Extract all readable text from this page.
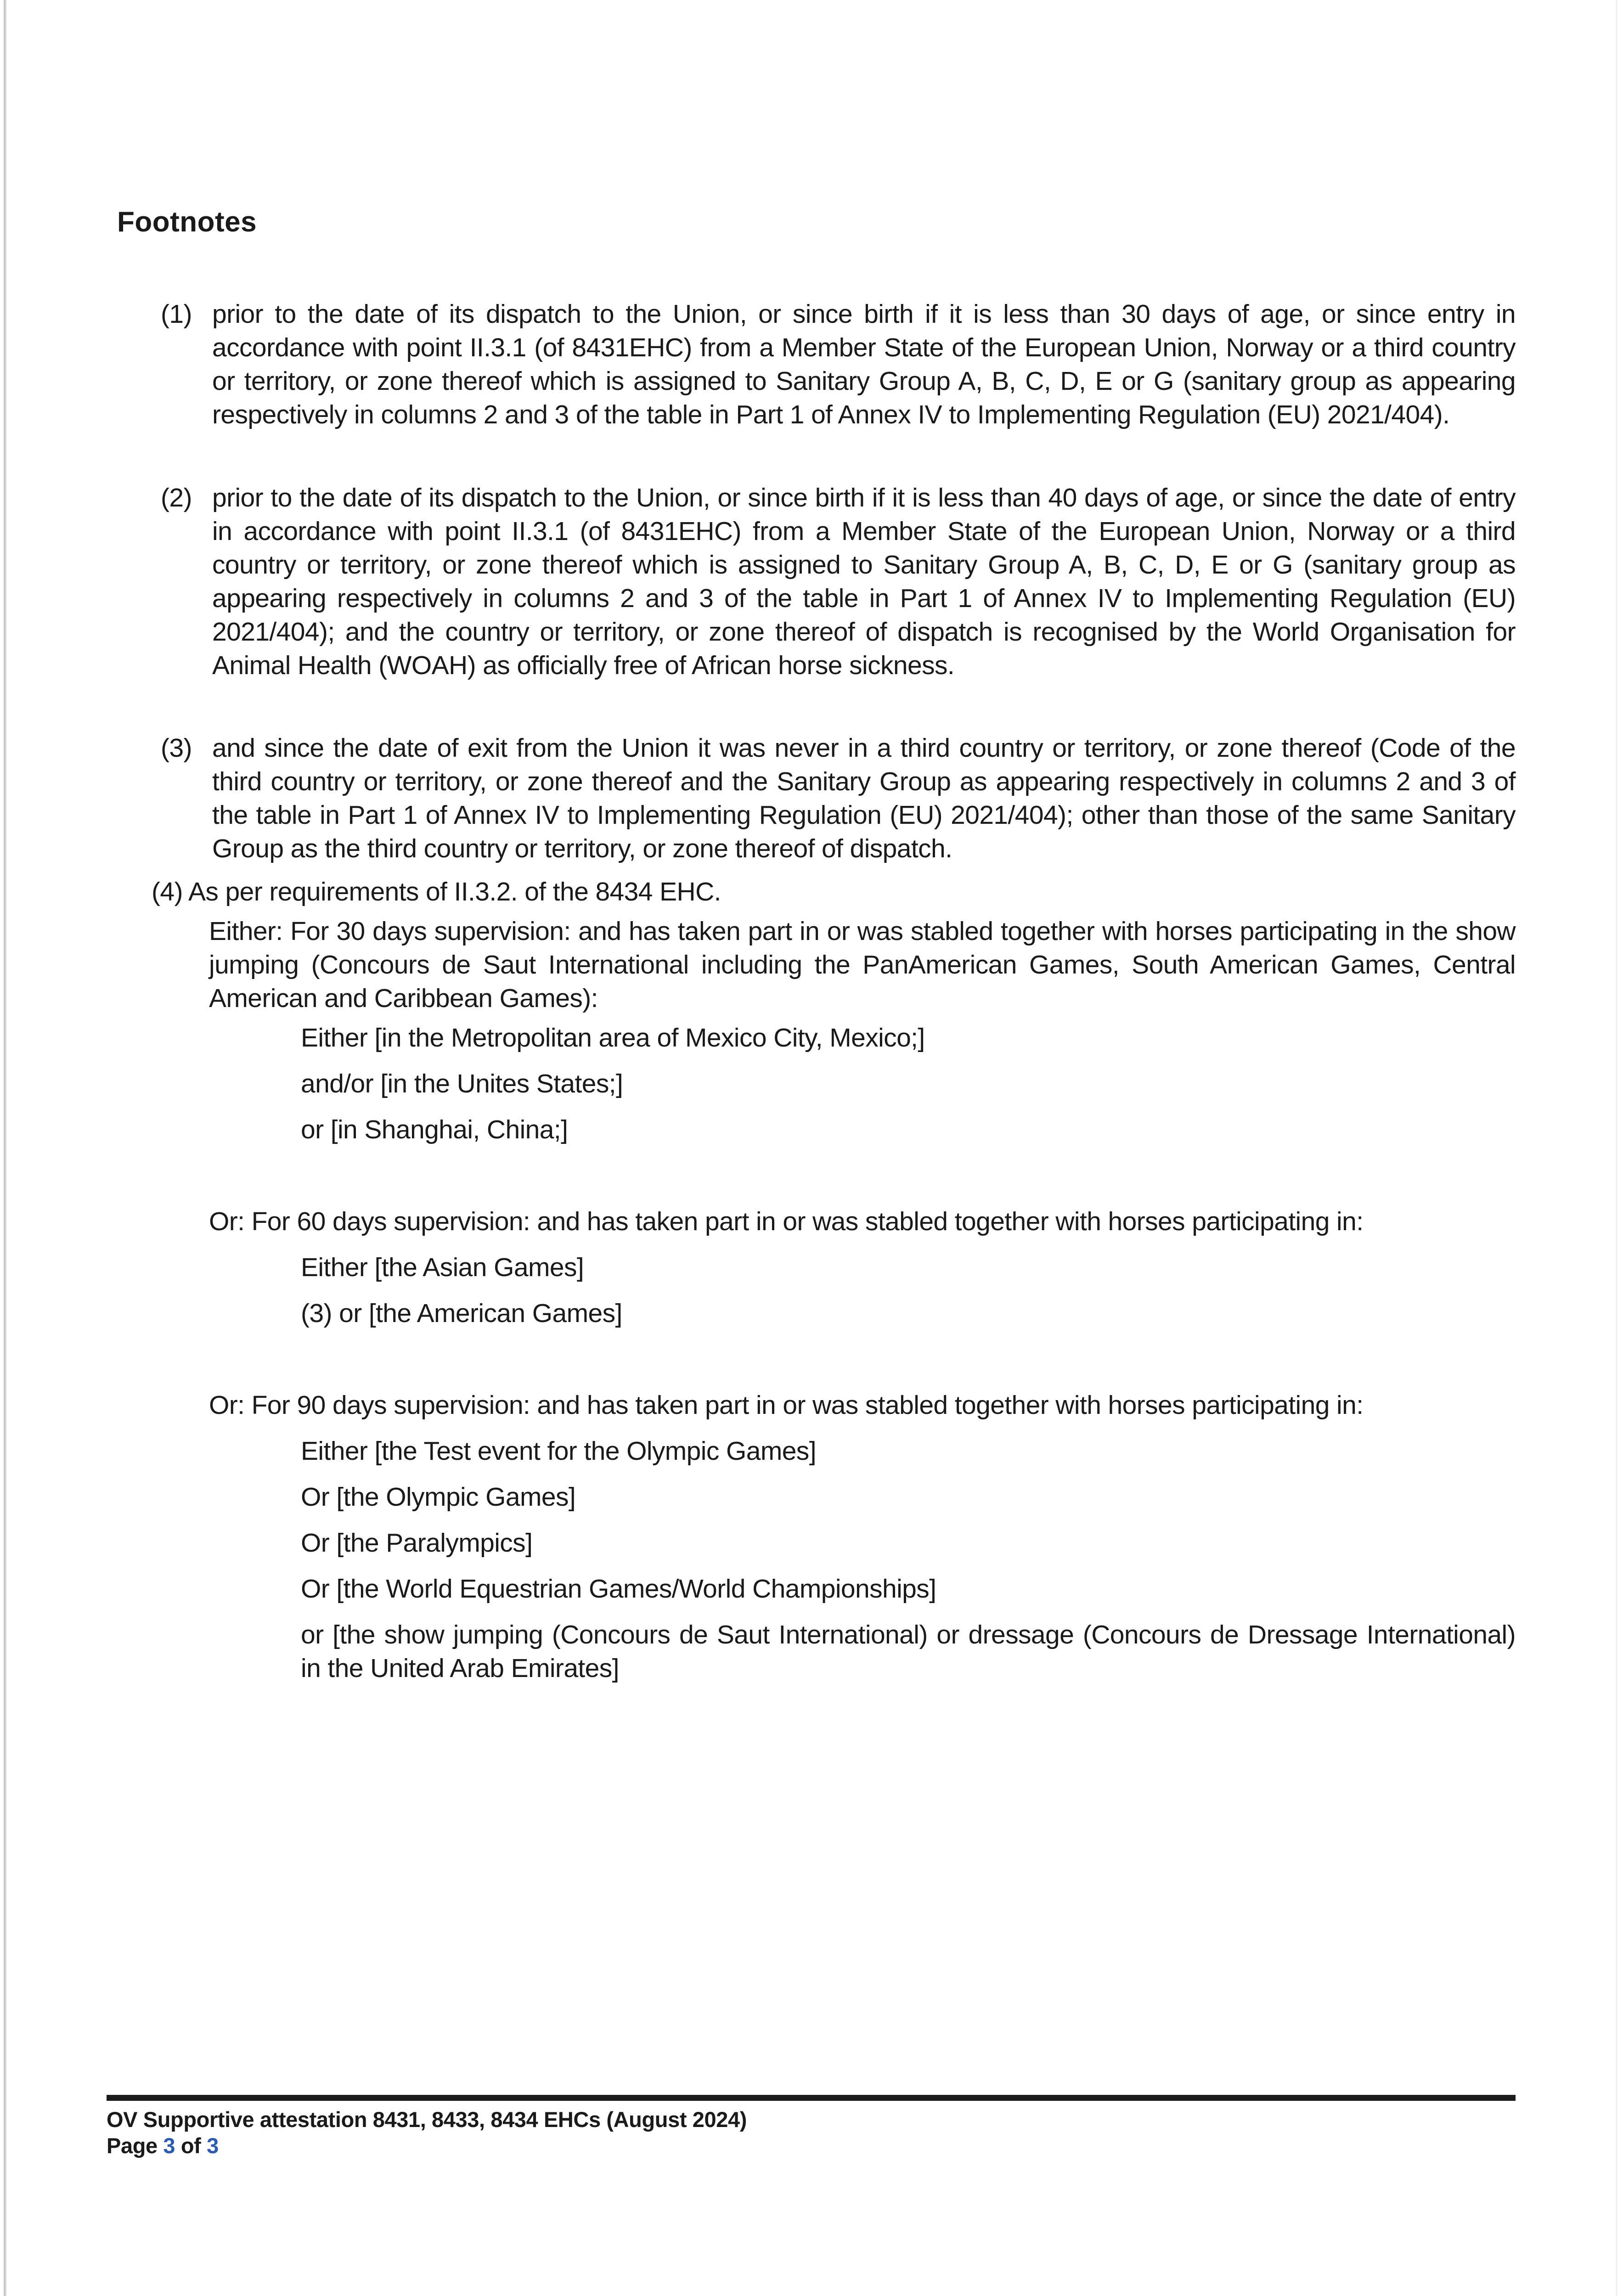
Footnotes
(1) prior to the date of its dispatch to the Union, or since birth if it is less than 30 days of age, or since entry in accordance with point II.3.1 (of 8431EHC) from a Member State of the European Union, Norway or a third country or territory, or zone thereof which is assigned to Sanitary Group A, B, C, D, E or G (sanitary group as appearing respectively in columns 2 and 3 of the table in Part 1 of Annex IV to Implementing Regulation (EU) 2021/404).
(2) prior to the date of its dispatch to the Union, or since birth if it is less than 40 days of age, or since the date of entry in accordance with point II.3.1 (of 8431EHC) from a Member State of the European Union, Norway or a third country or territory, or zone thereof which is assigned to Sanitary Group A, B, C, D, E or G (sanitary group as appearing respectively in columns 2 and 3 of the table in Part 1 of Annex IV to Implementing Regulation (EU) 2021/404); and the country or territory, or zone thereof of dispatch is recognised by the World Organisation for Animal Health (WOAH) as officially free of African horse sickness.
(3) and since the date of exit from the Union it was never in a third country or territory, or zone thereof (Code of the third country or territory, or zone thereof and the Sanitary Group as appearing respectively in columns 2 and 3 of the table in Part 1 of Annex IV to Implementing Regulation (EU) 2021/404); other than those of the same Sanitary Group as the third country or territory, or zone thereof of dispatch.
(4) As per requirements of II.3.2. of the 8434 EHC.
Either: For 30 days supervision: and has taken part in or was stabled together with horses participating in the show jumping (Concours de Saut International including the PanAmerican Games, South American Games, Central American and Caribbean Games):
Either [in the Metropolitan area of Mexico City, Mexico;]
and/or [in the Unites States;]
or [in Shanghai, China;]
Or: For 60 days supervision: and has taken part in or was stabled together with horses participating in:
Either [the Asian Games]
(3) or [the American Games]
Or: For 90 days supervision: and has taken part in or was stabled together with horses participating in:
Either [the Test event for the Olympic Games]
Or [the Olympic Games]
Or [the Paralympics]
Or [the World Equestrian Games/World Championships]
or [the show jumping (Concours de Saut International) or dressage (Concours de Dressage International) in the United Arab Emirates]
OV Supportive attestation 8431, 8433, 8434 EHCs (August 2024)
Page 3 of 3
